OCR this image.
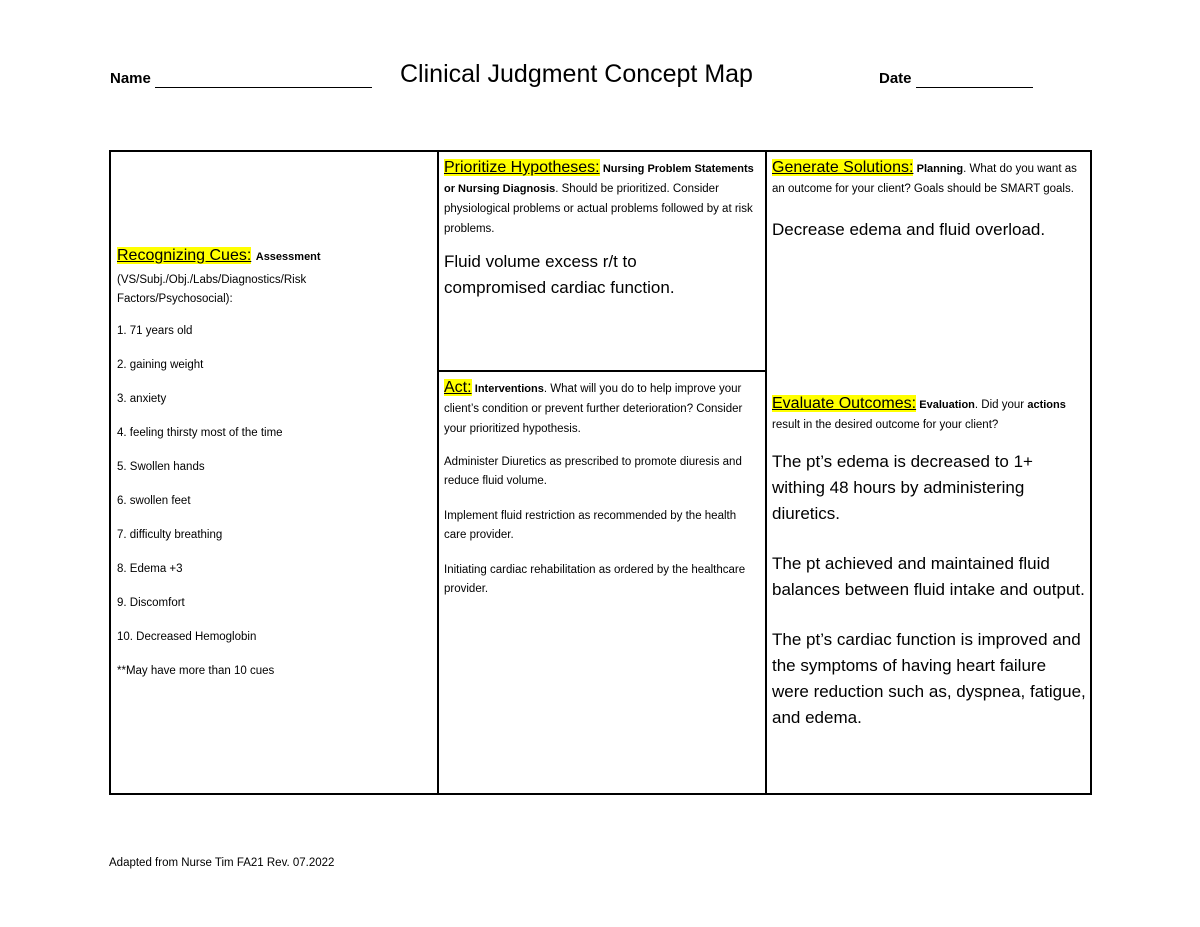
Name	Clinical Judgment Concept Map	Date
Recognizing Cues: Assessment
(VS/Subj./Obj./Labs/Diagnostics/Risk Factors/Psychosocial):
1. 71 years old
2. gaining weight
3. anxiety
4. feeling thirsty most of the time
5. Swollen hands
6. swollen feet
7. difficulty breathing
8. Edema +3
9. Discomfort
10. Decreased Hemoglobin
**May have more than 10 cues
Prioritize Hypotheses: Nursing Problem Statements or Nursing Diagnosis. Should be prioritized. Consider physiological problems or actual problems followed by at risk problems.
Fluid volume excess r/t to compromised cardiac function.
Generate Solutions: Planning. What do you want as an outcome for your client? Goals should be SMART goals.
Decrease edema and fluid overload.
Act: Interventions. What will you do to help improve your client’s condition or prevent further deterioration? Consider your prioritized hypothesis.
Administer Diuretics as prescribed to promote diuresis and reduce fluid volume.
Implement fluid restriction as recommended by the health care provider.
Initiating cardiac rehabilitation as ordered by the healthcare provider.
Evaluate Outcomes: Evaluation. Did your actions result in the desired outcome for your client?
The pt’s edema is decreased to 1+ withing 48 hours by administering diuretics.
The pt achieved and maintained fluid balances between fluid intake and output.
The pt’s cardiac function is improved and the symptoms of having heart failure were reduction such as, dyspnea, fatigue, and edema.
Adapted from Nurse Tim FA21 Rev. 07.2022
